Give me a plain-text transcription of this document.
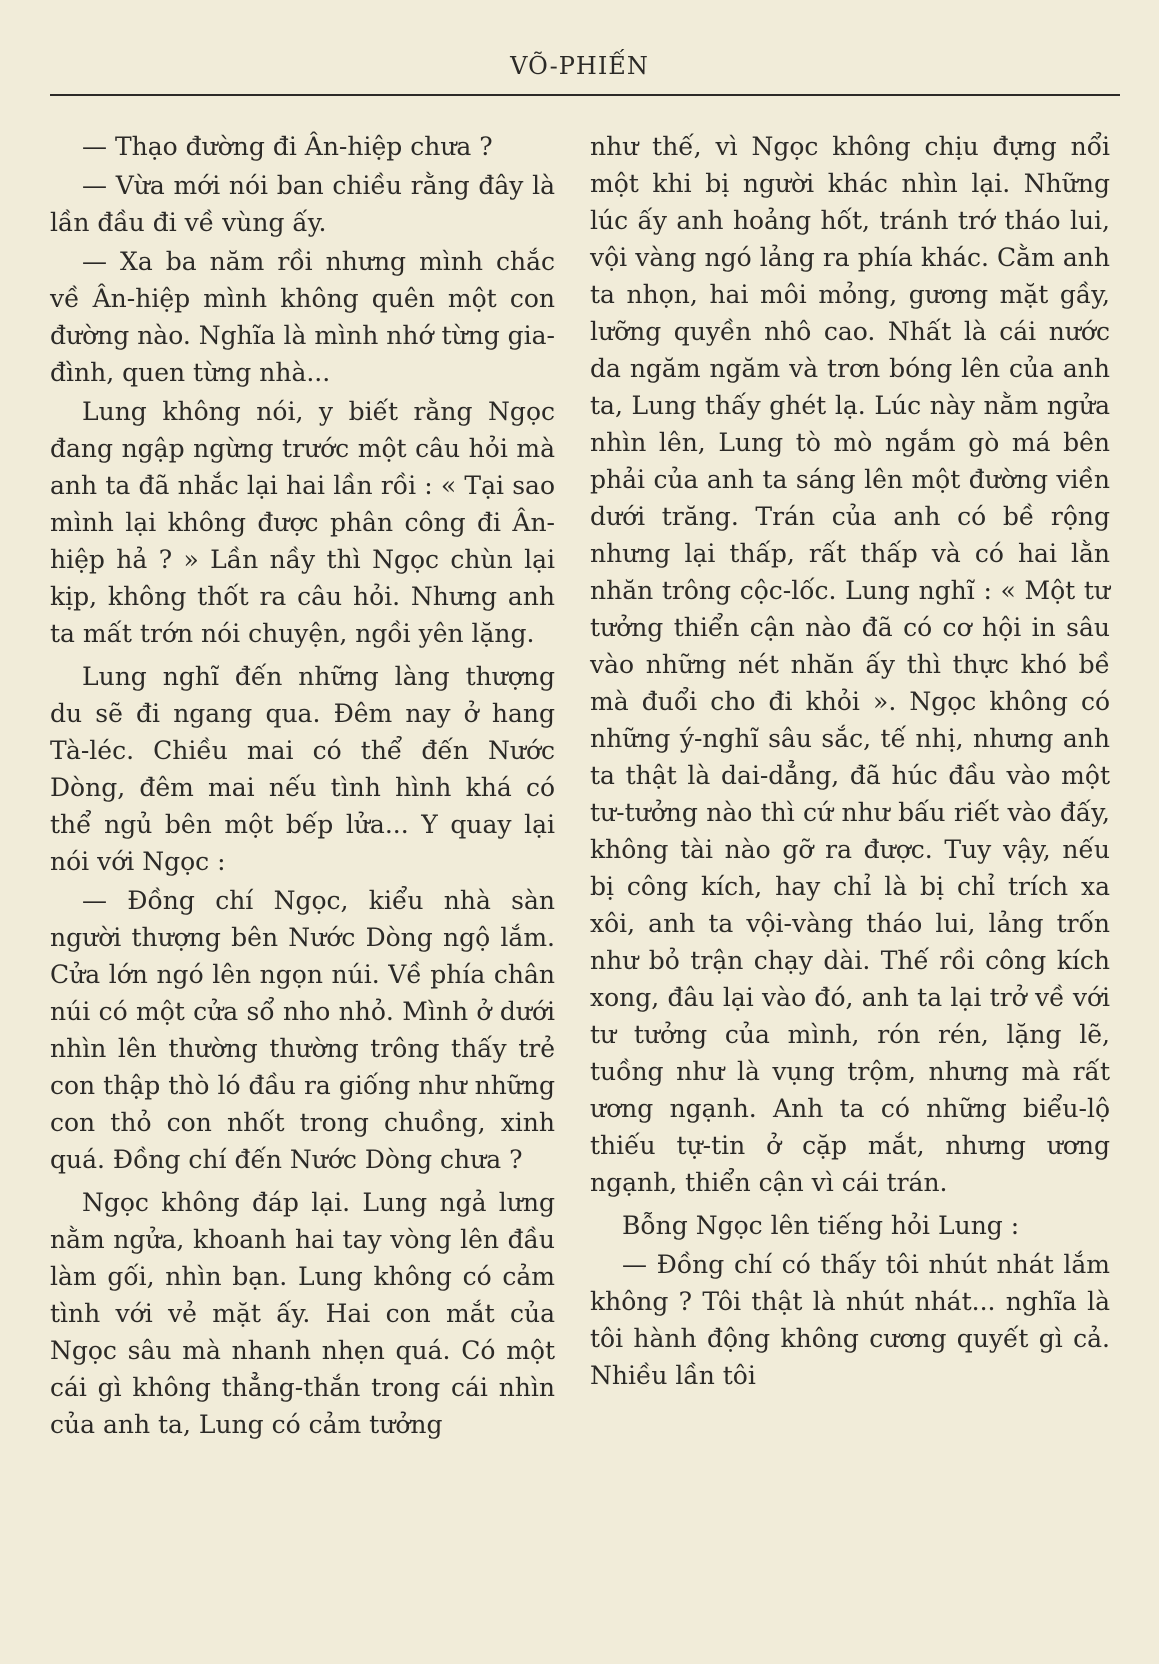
VÕ-PHIẾN

— Thạo đường đi Ân-hiệp chưa ?

— Vừa mới nói ban chiều rằng đây là lần đầu đi về vùng ấy.

— Xa ba năm rồi nhưng mình chắc về Ân-hiệp mình không quên một con đường nào. Nghĩa là mình nhớ từng gia-đình, quen từng nhà...

Lung không nói, y biết rằng Ngọc đang ngập ngừng trước một câu hỏi mà anh ta đã nhắc lại hai lần rồi : « Tại sao mình lại không được phân công đi Ân-hiệp hả ? » Lần nầy thì Ngọc chùn lại kịp, không thốt ra câu hỏi. Nhưng anh ta mất trớn nói chuyện, ngồi yên lặng.

Lung nghĩ đến những làng thượng du sẽ đi ngang qua. Đêm nay ở hang Tà-léc. Chiều mai có thể đến Nước Dòng, đêm mai nếu tình hình khá có thể ngủ bên một bếp lửa... Y quay lại nói với Ngọc :

— Đồng chí Ngọc, kiểu nhà sàn người thượng bên Nước Dòng ngộ lắm. Cửa lớn ngó lên ngọn núi. Về phía chân núi có một cửa sổ nho nhỏ. Mình ở dưới nhìn lên thường thường trông thấy trẻ con thập thò ló đầu ra giống như những con thỏ con nhốt trong chuồng, xinh quá. Đồng chí đến Nước Dòng chưa ?

Ngọc không đáp lại. Lung ngả lưng nằm ngửa, khoanh hai tay vòng lên đầu làm gối, nhìn bạn. Lung không có cảm tình với vẻ mặt ấy. Hai con mắt của Ngọc sâu mà nhanh nhẹn quá. Có một cái gì không thẳng-thắn trong cái nhìn của anh ta, Lung có cảm tưởng

như thế, vì Ngọc không chịu đựng nổi một khi bị người khác nhìn lại. Những lúc ấy anh hoảng hốt, tránh trớ tháo lui, vội vàng ngó lảng ra phía khác. Cằm anh ta nhọn, hai môi mỏng, gương mặt gầy, lưỡng quyền nhô cao. Nhất là cái nước da ngăm ngăm và trơn bóng lên của anh ta, Lung thấy ghét lạ. Lúc này nằm ngửa nhìn lên, Lung tò mò ngắm gò má bên phải của anh ta sáng lên một đường viền dưới trăng. Trán của anh có bề rộng nhưng lại thấp, rất thấp và có hai lằn nhăn trông cộc-lốc. Lung nghĩ : « Một tư tưởng thiển cận nào đã có cơ hội in sâu vào những nét nhăn ấy thì thực khó bề mà đuổi cho đi khỏi ». Ngọc không có những ý-nghĩ sâu sắc, tế nhị, nhưng anh ta thật là dai-dẳng, đã húc đầu vào một tư-tưởng nào thì cứ như bấu riết vào đấy, không tài nào gỡ ra được. Tuy vậy, nếu bị công kích, hay chỉ là bị chỉ trích xa xôi, anh ta vội-vàng tháo lui, lảng trốn như bỏ trận chạy dài. Thế rồi công kích xong, đâu lại vào đó, anh ta lại trở về với tư tưởng của mình, rón rén, lặng lẽ, tuồng như là vụng trộm, nhưng mà rất ương ngạnh. Anh ta có những biểu-lộ thiếu tự-tin ở cặp mắt, nhưng ương ngạnh, thiển cận vì cái trán.

Bỗng Ngọc lên tiếng hỏi Lung :

— Đồng chí có thấy tôi nhút nhát lắm không ? Tôi thật là nhút nhát... nghĩa là tôi hành động không cương quyết gì cả. Nhiều lần tôi
